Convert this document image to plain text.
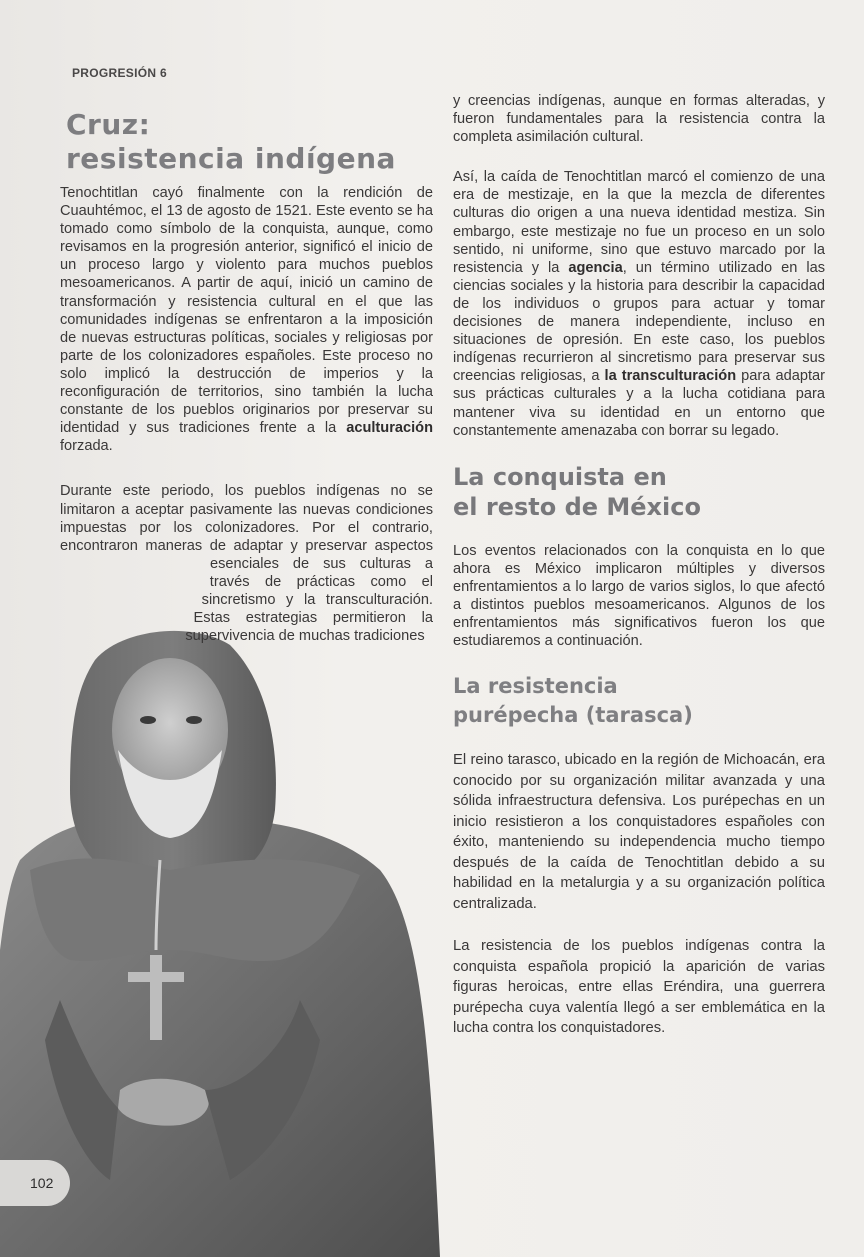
PROGRESIÓN 6
Cruz:
resistencia indígena

Tenochtitlan cayó finalmente con la rendición de Cuauhtémoc, el 13 de agosto de 1521. Este evento se ha tomado como símbolo de la conquista, aunque, como revisamos en la progresión anterior, significó el inicio de un proceso largo y violento para muchos pueblos mesoamericanos. A partir de aquí, inició un camino de transformación y resistencia cultural en el que las comunidades indígenas se enfrentaron a la imposición de nuevas estructuras políticas, sociales y religiosas por parte de los colonizadores españoles. Este proceso no solo implicó la destrucción de imperios y la reconfiguración de territorios, sino también la lucha constante de los pueblos originarios por preservar su identidad y sus tradiciones frente a la aculturación forzada.

Durante este periodo, los pueblos indígenas no se limitaron a aceptar pasivamente las nuevas condiciones impuestas por los colonizadores. Por el contrario, encontraron maneras de adaptar y preservar aspectos esenciales de sus culturas a través de prácticas como el sincretismo y la transculturación. Estas estrategias permitieron la supervivencia de muchas tradiciones

y creencias indígenas, aunque en formas alteradas, y fueron fundamentales para la resistencia contra la completa asimilación cultural.

Así, la caída de Tenochtitlan marcó el comienzo de una era de mestizaje, en la que la mezcla de diferentes culturas dio origen a una nueva identidad mestiza. Sin embargo, este mestizaje no fue un proceso en un solo sentido, ni uniforme, sino que estuvo marcado por la resistencia y la agencia, un término utilizado en las ciencias sociales y la historia para describir la capacidad de los individuos o grupos para actuar y tomar decisiones de manera independiente, incluso en situaciones de opresión. En este caso, los pueblos indígenas recurrieron al sincretismo para preservar sus creencias religiosas, a la transculturación para adaptar sus prácticas culturales y a la lucha cotidiana para mantener viva su identidad en un entorno que constantemente amenazaba con borrar su legado.

La conquista en
el resto de México

Los eventos relacionados con la conquista en lo que ahora es México implicaron múltiples y diversos enfrentamientos a lo largo de varios siglos, lo que afectó a distintos pueblos mesoamericanos. Algunos de los enfrentamientos más significativos fueron los que estudiaremos a continuación.

La resistencia
purépecha (tarasca)

El reino tarasco, ubicado en la región de Michoacán, era conocido por su organización militar avanzada y una sólida infraestructura defensiva. Los purépechas en un inicio resistieron a los conquistadores españoles con éxito, manteniendo su independencia mucho tiempo después de la caída de Tenochtitlan debido a su habilidad en la metalurgia y a su organización política centralizada.

La resistencia de los pueblos indígenas contra la conquista española propició la aparición de varias figuras heroicas, entre ellas Eréndira, una guerrera purépecha cuya valentía llegó a ser emblemática en la lucha contra los conquistadores.

102
